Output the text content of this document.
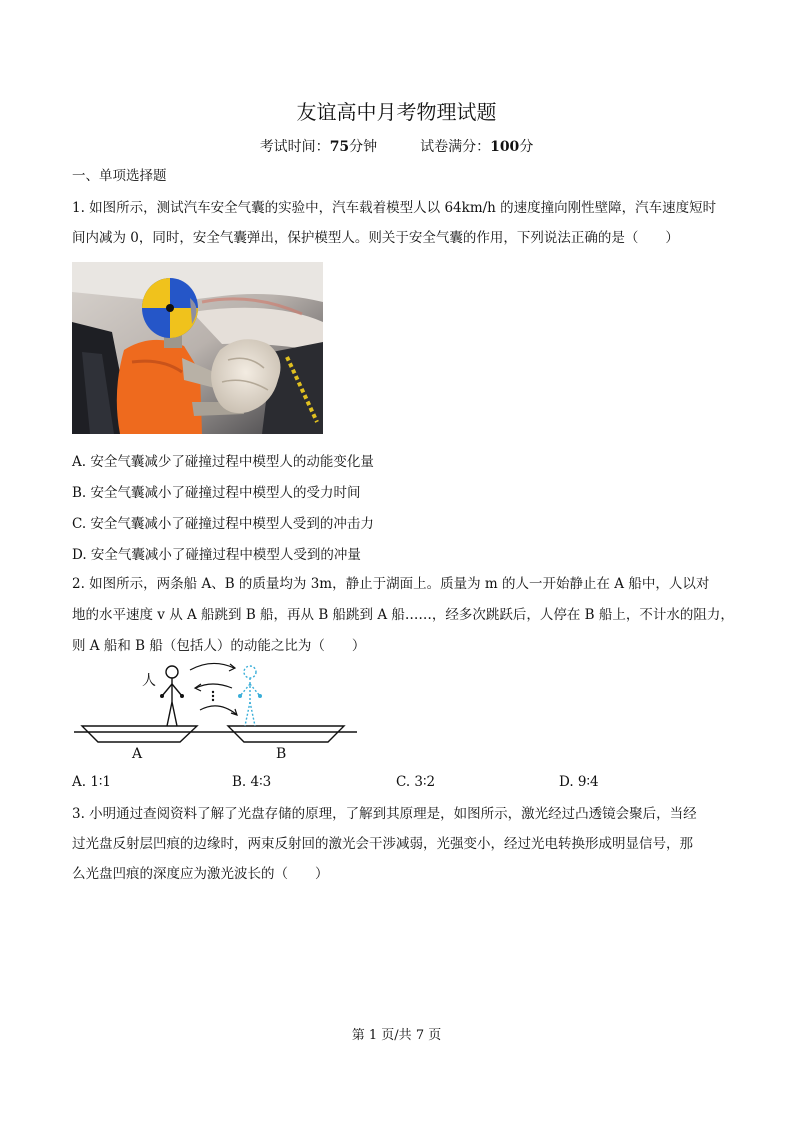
友谊高中月考物理试题
考试时间：75分钟	试卷满分：100分
一、单项选择题
1. 如图所示，测试汽车安全气囊的实验中，汽车载着模型人以 64km/h 的速度撞向刚性壁障，汽车速度短时
间内减为 0，同时，安全气囊弹出，保护模型人。则关于安全气囊的作用，下列说法正确的是（　　）
A. 安全气囊减少了碰撞过程中模型人的动能变化量
B. 安全气囊减小了碰撞过程中模型人的受力时间
C. 安全气囊减小了碰撞过程中模型人受到的冲击力
D. 安全气囊减小了碰撞过程中模型人受到的冲量
2. 如图所示，两条船 A、B 的质量均为 3m，静止于湖面上。质量为 m 的人一开始静止在 A 船中，人以对
地的水平速度 v 从 A 船跳到 B 船，再从 B 船跳到 A 船……，经多次跳跃后，人停在 B 船上，不计水的阻力，
则 A 船和 B 船（包括人）的动能之比为（　　）
人
A	B
A. 1∶1	B. 4∶3	C. 3∶2	D. 9∶4
3. 小明通过查阅资料了解了光盘存储的原理，了解到其原理是，如图所示，激光经过凸透镜会聚后，当经
过光盘反射层凹痕的边缘时，两束反射回的激光会干涉减弱，光强变小，经过光电转换形成明显信号，那
么光盘凹痕的深度应为激光波长的（　　）
第 1 页/共 7 页
